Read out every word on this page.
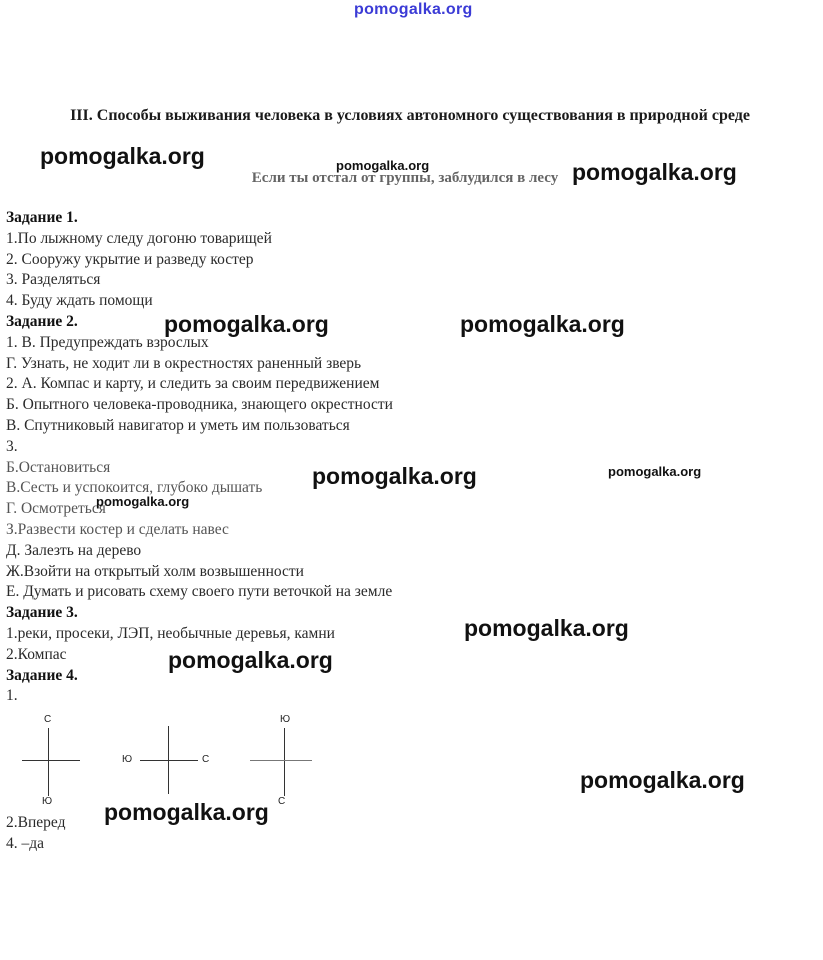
pomogalka.org
III. Способы выживания человека в условиях автономного существования в природной среде
Если ты отстал от группы, заблудился в лесу
Задание 1.
1.По лыжному следу догоню товарищей
2. Сооружу укрытие и разведу костер
3. Разделяться
4. Буду ждать помощи
Задание 2.
1. В. Предупреждать взрослых
Г. Узнать, не ходит ли в окрестностях раненный зверь
2. А. Компас и карту, и следить за своим передвижением
Б. Опытного человека-проводника, знающего окрестности
В. Спутниковый навигатор и уметь им пользоваться
3.
Б.Остановиться
В.Сесть и успокоится, глубоко дышать
Г. Осмотреться
З.Развести костер и сделать навес
Д. Залезть на дерево
Ж.Взойти на открытый холм возвышенности
Е. Думать и рисовать схему своего пути веточкой на земле
Задание 3.
1.реки, просеки, ЛЭП, необычные деревья, камни
2.Компас
Задание 4.
1.
С
Ю
Ю	С
Ю
С
2.Вперед
4. –да
pomogalka.org	pomogalka.org	pomogalka.org
pomogalka.org	pomogalka.org
pomogalka.org	pomogalka.org
pomogalka.org
pomogalka.org
pomogalka.org
pomogalka.org
pomogalka.org
